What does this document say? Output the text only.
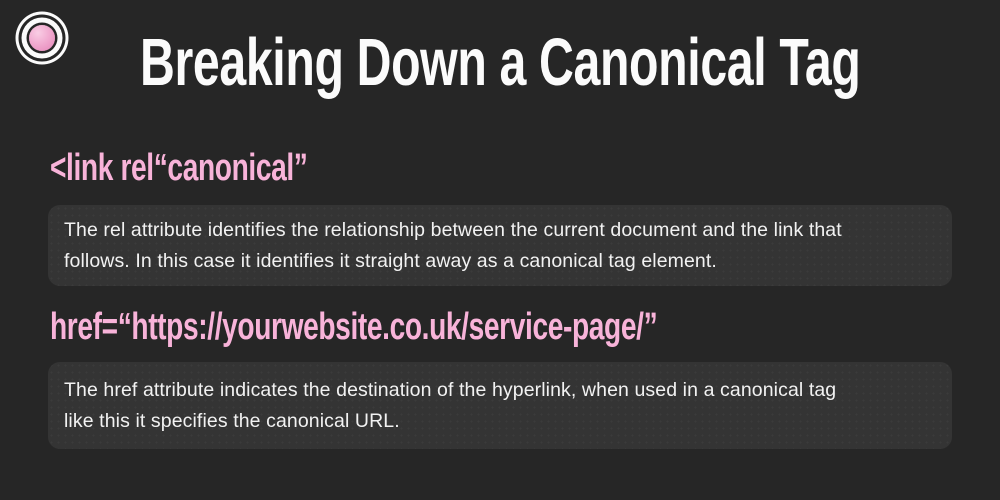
Breaking Down a Canonical Tag
<link rel“canonical”
The rel attribute identifies the relationship between the current document and the link that
follows. In this case it identifies it straight away as a canonical tag element.
href=“https://yourwebsite.co.uk/service-page/”
The href attribute indicates the destination of the hyperlink, when used in a canonical tag
like this it specifies the canonical URL.
